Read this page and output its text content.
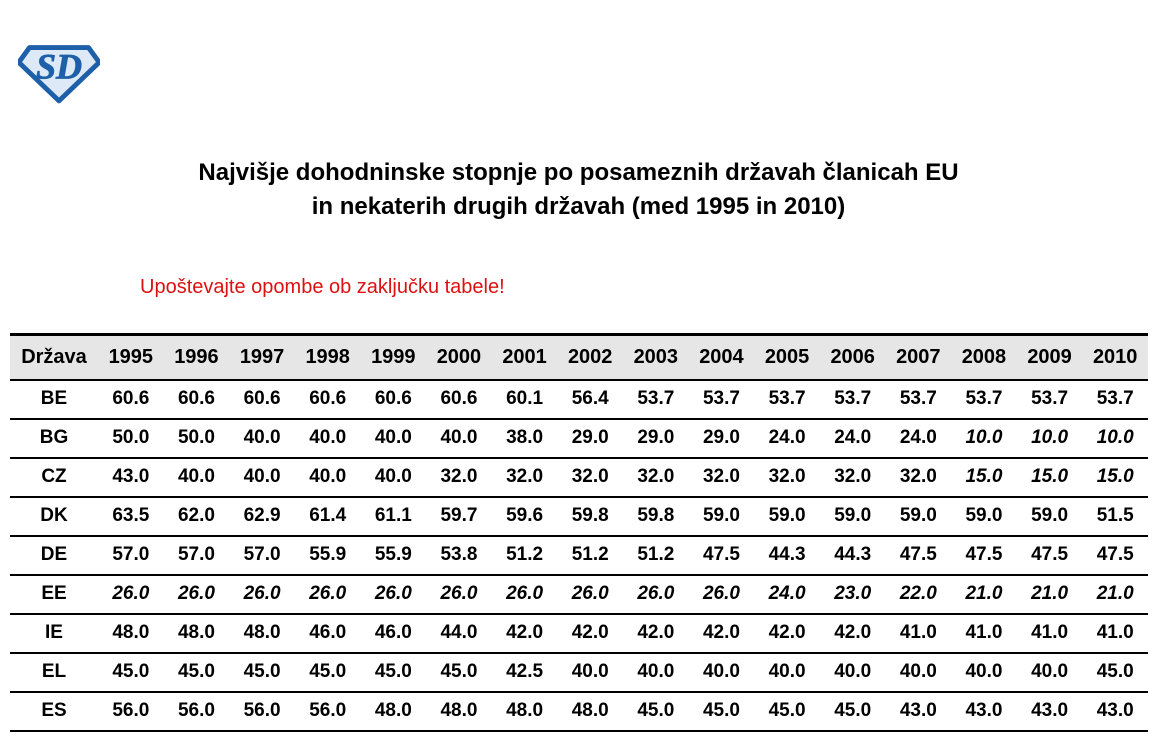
SD
Najvišje dohodninske stopnje po posameznih državah članicah EU
in nekaterih drugih državah (med 1995 in 2010)
Upoštevajte opombe ob zaključku tabele!
Država	1995	1996	1997	1998	1999	2000	2001	2002	2003	2004	2005	2006	2007	2008	2009	2010
BE	60.6	60.6	60.6	60.6	60.6	60.6	60.1	56.4	53.7	53.7	53.7	53.7	53.7	53.7	53.7	53.7
BG	50.0	50.0	40.0	40.0	40.0	40.0	38.0	29.0	29.0	29.0	24.0	24.0	24.0	10.0	10.0	10.0
CZ	43.0	40.0	40.0	40.0	40.0	32.0	32.0	32.0	32.0	32.0	32.0	32.0	32.0	15.0	15.0	15.0
DK	63.5	62.0	62.9	61.4	61.1	59.7	59.6	59.8	59.8	59.0	59.0	59.0	59.0	59.0	59.0	51.5
DE	57.0	57.0	57.0	55.9	55.9	53.8	51.2	51.2	51.2	47.5	44.3	44.3	47.5	47.5	47.5	47.5
EE	26.0	26.0	26.0	26.0	26.0	26.0	26.0	26.0	26.0	26.0	24.0	23.0	22.0	21.0	21.0	21.0
IE	48.0	48.0	48.0	46.0	46.0	44.0	42.0	42.0	42.0	42.0	42.0	42.0	41.0	41.0	41.0	41.0
EL	45.0	45.0	45.0	45.0	45.0	45.0	42.5	40.0	40.0	40.0	40.0	40.0	40.0	40.0	40.0	45.0
ES	56.0	56.0	56.0	56.0	48.0	48.0	48.0	48.0	45.0	45.0	45.0	45.0	43.0	43.0	43.0	43.0
